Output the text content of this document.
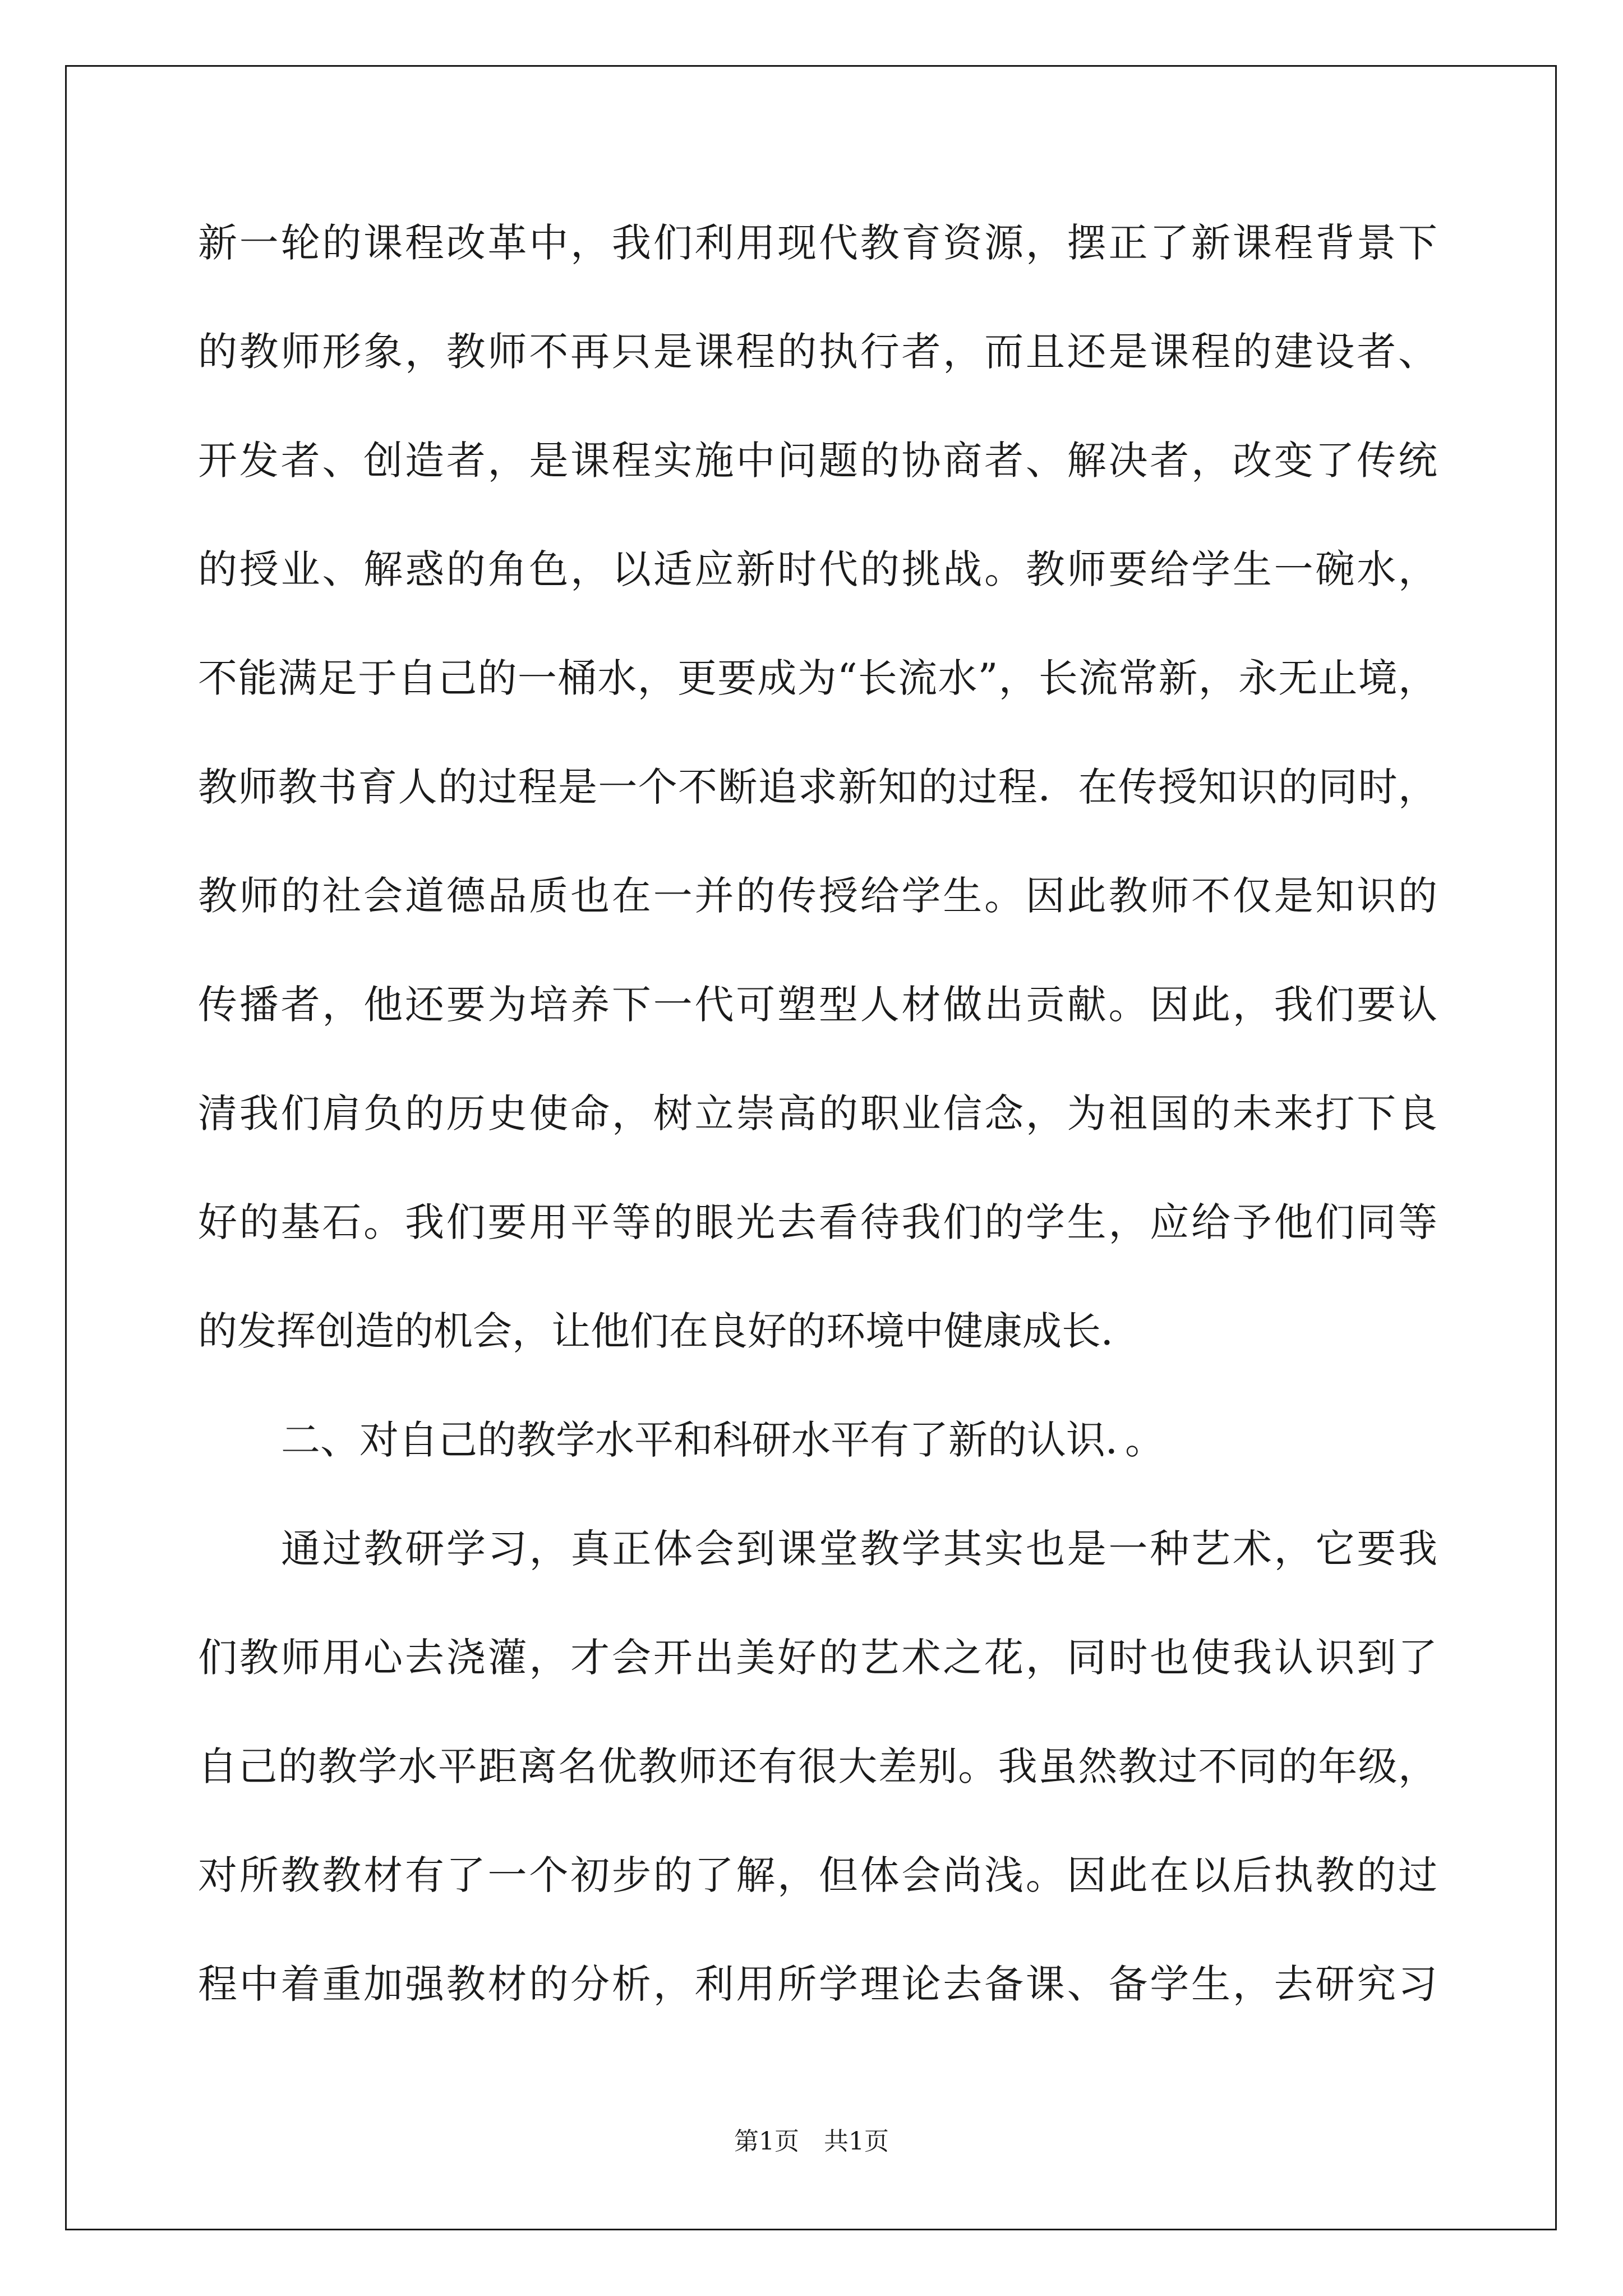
新一轮的课程改革中，我们利用现代教育资源，摆正了新课程背景下
的教师形象，教师不再只是课程的执行者，而且还是课程的建设者、
开发者、创造者，是课程实施中问题的协商者、解决者，改变了传统
的授业、解惑的角色，以适应新时代的挑战。教师要给学生一碗水，
不能满足于自己的一桶水，更要成为“长流水”，长流常新，永无止境，
教师教书育人的过程是一个不断追求新知的过程．在传授知识的同时，
教师的社会道德品质也在一并的传授给学生。因此教师不仅是知识的
传播者，他还要为培养下一代可塑型人材做出贡献。因此，我们要认
清我们肩负的历史使命，树立崇高的职业信念，为祖国的未来打下良
好的基石。我们要用平等的眼光去看待我们的学生，应给予他们同等
的发挥创造的机会，让他们在良好的环境中健康成长．
二、对自己的教学水平和科研水平有了新的认识．。
通过教研学习，真正体会到课堂教学其实也是一种艺术，它要我
们教师用心去浇灌，才会开出美好的艺术之花，同时也使我认识到了
自己的教学水平距离名优教师还有很大差别。我虽然教过不同的年级，
对所教教材有了一个初步的了解，但体会尚浅。因此在以后执教的过
程中着重加强教材的分析，利用所学理论去备课、备学生，去研究习
第1页　共1页
